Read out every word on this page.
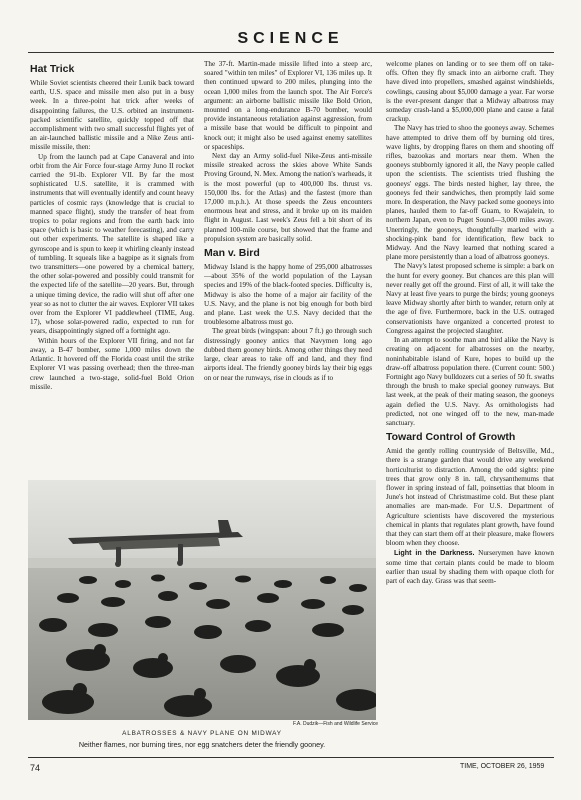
SCIENCE
Hat Trick

While Soviet scientists cheered their Lunik back toward earth, U.S. space and missile men also put in a busy week. In a three-point hat trick after weeks of disappointing failures, the U.S. orbited an instrument-packed scientific satellite, quickly topped off that accomplishment with two small successful flights yet of an air-launched ballistic missile and a Nike Zeus anti-missile missile, then:

Up from the launch pad at Cape Canaveral and into orbit from the Air Force four-stage Army Juno II rocket carried the 91-lb. Explorer VII. By far the most sophisticated U.S. satellite, it is crammed with instruments that will eventually identify and count heavy particles of cosmic rays (knowledge that is crucial to manned space flight), study the transfer of heat from tropics to polar regions and from the earth back into space (which is basic to weather forecasting), and carry out other experiments. The satellite is shaped like a gyroscope and is spun to keep it whirling cleanly instead of tumbling. It squeals like a bagpipe as it signals from two transmitters—one powered by a chemical battery, the other solar-powered and possibly could transmit for the expected life of the satellite—20 years. But, through a unique timing device, the radio will shut off after one year so as not to clutter the air waves. Explorer VII takes over from the Explorer VI paddlewheel (TIME, Aug. 17), whose solar-powered radio, expected to run for years, disappointingly signed off a fortnight ago.

Within hours of the Explorer VII firing, and not far away, a B-47 bomber, some 1,000 miles down the Atlantic. It hovered off the Florida coast until the strike Explorer VI was passing overhead; then the three-man crew launched a two-stage, solid-fuel Bold Orion missile.

The 37-ft. Martin-made missile lifted into a steep arc, soared "within ten miles" of Explorer VI, 136 miles up. It then continued upward to 200 miles, plunging into the ocean 1,000 miles from the launch spot. The Air Force's argument: an airborne ballistic missile like Bold Orion, mounted on a long-endurance B-70 bomber, would provide instantaneous retaliation against aggression, from a missile base that would be difficult to pinpoint and knock out; it might also be used against enemy satellites or spaceships.

Next day an Army solid-fuel Nike-Zeus anti-missile missile streaked across the skies above White Sands Proving Ground, N. Mex. Among the nation's warheads, it is the most powerful (up to 400,000 lbs. thrust vs. 150,000 lbs. for the Atlas) and the fastest (more than 17,000 m.p.h.). At those speeds the Zeus encounters enormous heat and stress, and it broke up on its maiden flight in August. Last week's Zeus fell a bit short of its planned 100-mile course, but showed that the frame and propulsion system are basically solid.

Man v. Bird

Midway Island is the happy home of 295,000 albatrosses—about 35% of the world population of the Laysan species and 19% of the black-footed species. Difficulty is, Midway is also the home of a major air facility of the U.S. Navy, and the plane is not big enough for both bird and plane. Last week the U.S. Navy decided that the troublesome albatross must go.

The great birds (wingspan: about 7 ft.) go through such distressingly gooney antics that Navymen long ago dubbed them gooney birds. Among other things they need large, clear areas to take off and land, and they find airports ideal. The friendly gooney birds lay their big eggs on or near the runways, rise in clouds as if to

welcome planes on landing or to see them off on take-offs. Often they fly smack into an airborne craft. They have dived into propellers, smashed against windshields, cowlings, causing about $5,000 damage a year. Far worse is the ever-present danger that a Midway albatross may someday crash-land a $5,000,000 plane and cause a fatal crackup.

The Navy has tried to shoo the gooneys away. Schemes have attempted to drive them off by burning old tires, wave lights, by dropping flares on them and shooting off rifles, bazookas and mortars near them. When the gooneys stubbornly ignored it all, the Navy people called upon the scientists. The scientists tried flushing the gooneys' eggs. The birds nested higher, lay three, the gooneys fed their sandwiches, then promptly laid some more. In desperation, the Navy packed some gooneys into planes, hauled them to far-off Guam, to Kwajalein, to northern Japan, even to Puget Sound—3,000 miles away. Unerringly, the gooneys, thoughtfully marked with a shocking-pink band for identification, flew back to Midway. And the Navy learned that nothing scared a plane more persistently than a load of albatross gooneys.

The Navy's latest proposed scheme is simple: a bark on the hunt for every gooney. But chances are this plan will never really get off the ground. First of all, it will take the Navy at least five years to purge the birds; young gooneys leave Midway shortly after birth to wander, return only at the age of five. Furthermore, back in the U.S. outraged conservationists have organized a concerted protest to Congress against the projected slaughter.

In an attempt to soothe man and bird alike the Navy is creating on adjacent for albatrosses on the nearby, noninhabitable island of Kure, hopes to build up the draw-off albatross population there. (Current count: 500.) Fortnight ago Navy bulldozers cut a series of 50 ft. swaths through the brush to make special gooney runways. But last week, at the peak of their mating season, the gooneys again defied the U.S. Navy. As ornithologists had predicted, not one winged off to the new, man-made sanctuary.

Toward Control of Growth

Amid the gently rolling countryside of Beltsville, Md., there is a strange garden that would drive any weekend horticulturist to distraction. Among the odd sights: pine trees that grow only 8 in. tall, chrysanthemums that flower in spring instead of fall, poinsettias that bloom in June's hot instead of Christmastime cold. But these plant anomalies are man-made. For U.S. Department of Agriculture scientists have discovered the mysterious chemical in plants that regulates plant growth, have found that they can start them off at their pleasure, make flowers bloom when they choose.

Light in the Darkness. Nurserymen have known some time that certain plants could be made to bloom earlier than usual by shading them with opaque cloth for part of each day. Grass was that seem-

F.A. Dudzik—Fish and Wildlife Service
ALBATROSSES & NAVY PLANE ON MIDWAY
Neither flames, nor burning tires, nor egg snatchers deter the friendly gooney.
74	TIME, OCTOBER 26, 1959
